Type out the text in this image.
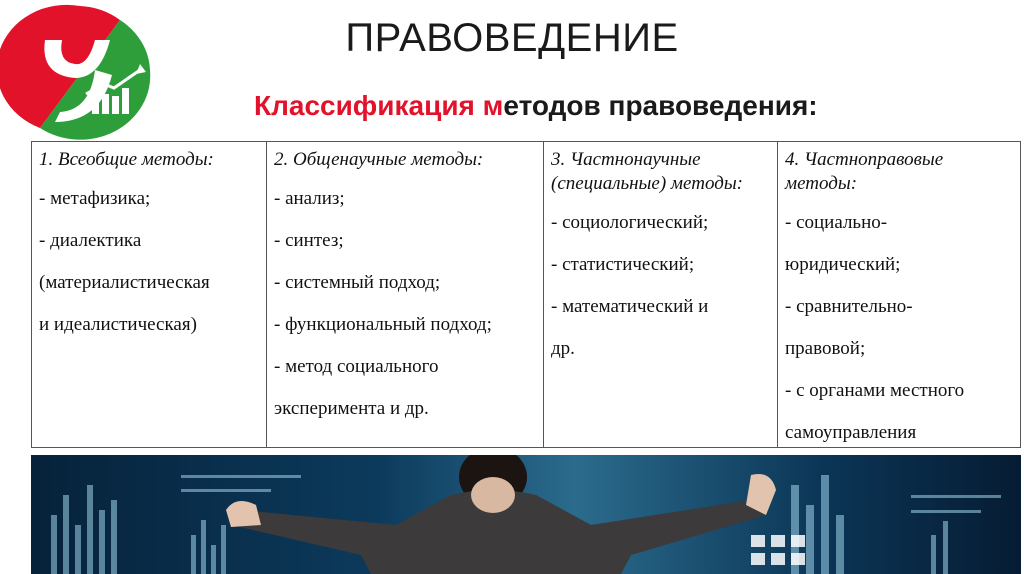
ПРАВОВЕДЕНИЕ
Классификация методов правоведения:
1. Всеобщие методы:
- метафизика;
- диалектика
(материалистическая
и идеалистическая)
2. Общенаучные методы:
- анализ;
- синтез;
- системный подход;
- функциональный подход;
- метод социального
эксперимента и др.
3. Частнонаучные (специальные) методы:
- социологический;
- статистический;
- математический и
др.
4. Частноправовые методы:
- социально-
юридический;
- сравнительно-
правовой;
- с органами местного
самоуправления
